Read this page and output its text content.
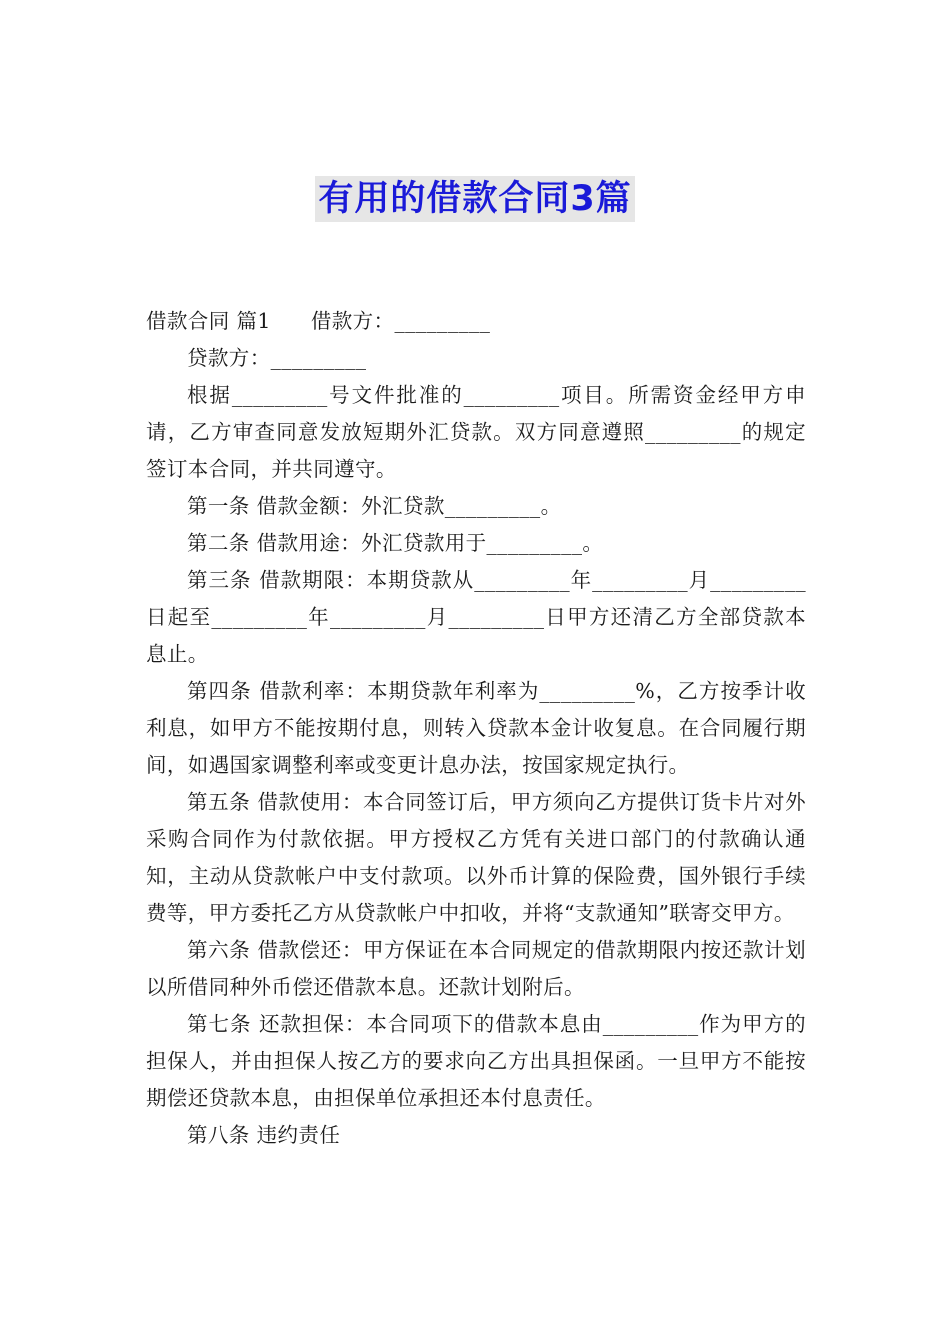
有用的借款合同3篇

借款合同 篇1 借款方：_________

贷款方：_________

根据_________号文件批准的_________项目。所需资金经甲方申请，乙方审查同意发放短期外汇贷款。双方同意遵照_________的规定签订本合同，并共同遵守。

第一条 借款金额：外汇贷款_________。

第二条 借款用途：外汇贷款用于_________。

第三条 借款期限：本期贷款从_________年_________月_________日起至_________年_________月_________日甲方还清乙方全部贷款本息止。

第四条 借款利率：本期贷款年利率为_________%，乙方按季计收利息，如甲方不能按期付息，则转入贷款本金计收复息。在合同履行期间，如遇国家调整利率或变更计息办法，按国家规定执行。

第五条 借款使用：本合同签订后，甲方须向乙方提供订货卡片对外采购合同作为付款依据。甲方授权乙方凭有关进口部门的付款确认通知，主动从贷款帐户中支付款项。以外币计算的保险费，国外银行手续费等，甲方委托乙方从贷款帐户中扣收，并将“支款通知”联寄交甲方。

第六条 借款偿还：甲方保证在本合同规定的借款期限内按还款计划以所借同种外币偿还借款本息。还款计划附后。

第七条 还款担保：本合同项下的借款本息由_________作为甲方的担保人，并由担保人按乙方的要求向乙方出具担保函。一旦甲方不能按期偿还贷款本息，由担保单位承担还本付息责任。

第八条 违约责任
